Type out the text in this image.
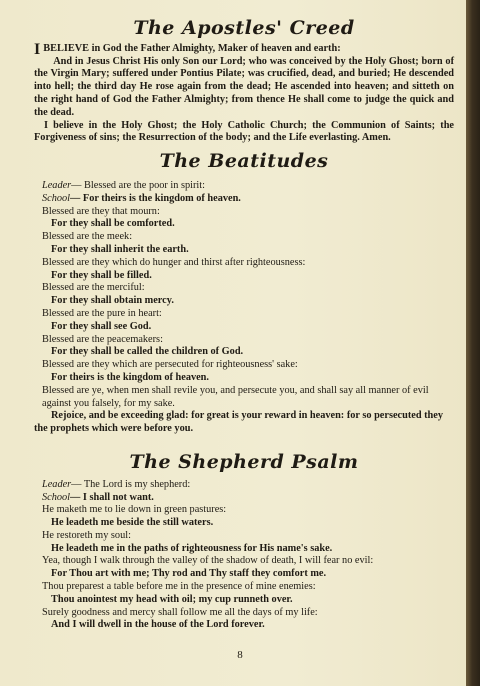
The Apostles' Creed

I BELIEVE in God the Father Almighty, Maker of heaven and earth:

And in Jesus Christ His only Son our Lord; who was conceived by the Holy Ghost; born of the Virgin Mary; suffered under Pontius Pilate; was crucified, dead, and buried; He descended into hell; the third day He rose again from the dead; He ascended into heaven; and sitteth on the right hand of God the Father Almighty; from thence He shall come to judge the quick and the dead.

I believe in the Holy Ghost; the Holy Catholic Church; the Communion of Saints; the Forgiveness of sins; the Resurrection of the body; and the Life everlasting. Amen.

The Beatitudes

Leader— Blessed are the poor in spirit:

School— For theirs is the kingdom of heaven.

Blessed are they that mourn:

For they shall be comforted.

Blessed are the meek:

For they shall inherit the earth.

Blessed are they which do hunger and thirst after righteousness:

For they shall be filled.

Blessed are the merciful:

For they shall obtain mercy.

Blessed are the pure in heart:

For they shall see God.

Blessed are the peacemakers:

For they shall be called the children of God.

Blessed are they which are persecuted for righteousness' sake:

For theirs is the kingdom of heaven.

Blessed are ye, when men shall revile you, and persecute you, and shall say all manner of evil against you falsely, for my sake.

Rejoice, and be exceeding glad: for great is your reward in heaven: for so persecuted they the prophets which were before you.

The Shepherd Psalm

Leader— The Lord is my shepherd:

School— I shall not want.

He maketh me to lie down in green pastures:

He leadeth me beside the still waters.

He restoreth my soul:

He leadeth me in the paths of righteousness for His name's sake.

Yea, though I walk through the valley of the shadow of death, I will fear no evil:

For Thou art with me; Thy rod and Thy staff they comfort me.

Thou preparest a table before me in the presence of mine enemies:

Thou anointest my head with oil; my cup runneth over.

Surely goodness and mercy shall follow me all the days of my life:

And I will dwell in the house of the Lord forever.

8
